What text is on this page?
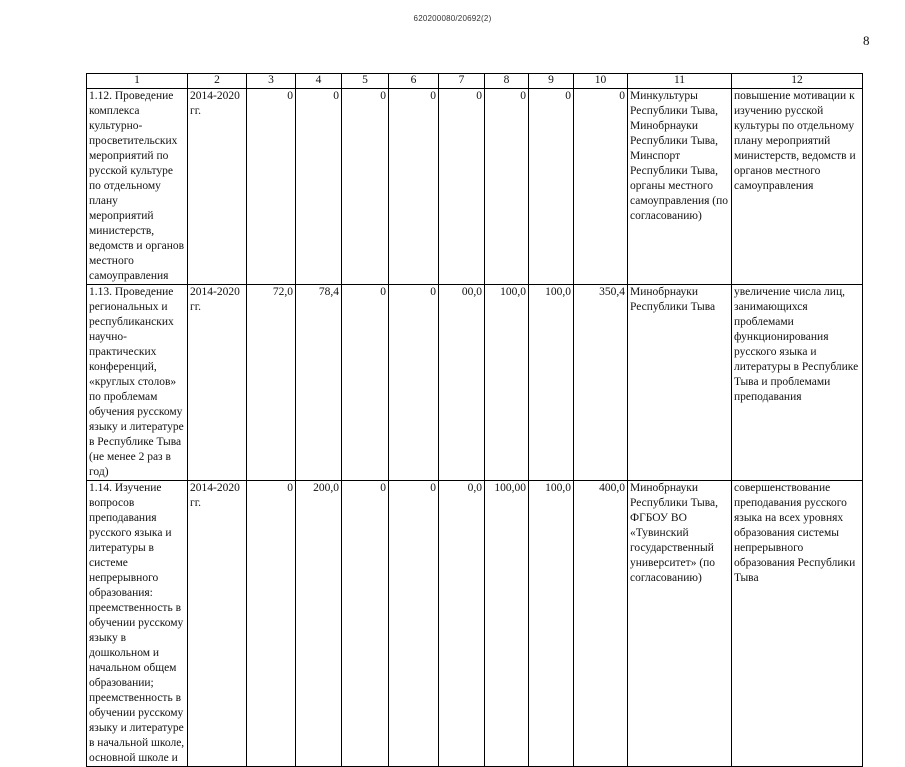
620200080/20692(2)
8
1	2	3	4	5	6	7	8	9	10	11	12
1.12. Проведение комплекса культурно-просветительских мероприятий по русской культуре по отдельному плану мероприятий министерств, ведомств и органов местного самоуправления	2014-2020 гг.	0	0	0	0	0	0	0	0	Минкультуры Республики Тыва, Минобрнауки Республики Тыва, Минспорт Республики Тыва, органы местного самоуправления (по согласованию)	повышение мотивации к изучению русской культуры по отдельному плану мероприятий министерств, ведомств и органов местного самоуправления
1.13. Проведение региональных и республиканских научно-практических конференций, «круглых столов» по проблемам обучения русскому языку и литературе в Республике Тыва (не менее 2 раз в год)	2014-2020 гг.	72,0	78,4	0	0	00,0	100,0	100,0	350,4	Минобрнауки Республики Тыва	увеличение числа лиц, занимающихся проблемами функционирования русского языка и литературы в Республике Тыва и проблемами преподавания
1.14. Изучение вопросов преподавания русского языка и литературы в системе непрерывного образования: преемственность в обучении русскому языку в дошкольном и начальном общем образовании; преемственность в обучении русскому языку и литературе в начальной школе, основной школе и	2014-2020 гг.	0	200,0	0	0	0,0	100,00	100,0	400,0	Минобрнауки Республики Тыва, ФГБОУ ВО «Тувинский государственный университет» (по согласованию)	совершенствование преподавания русского языка на всех уровнях образования системы непрерывного образования Республики Тыва
